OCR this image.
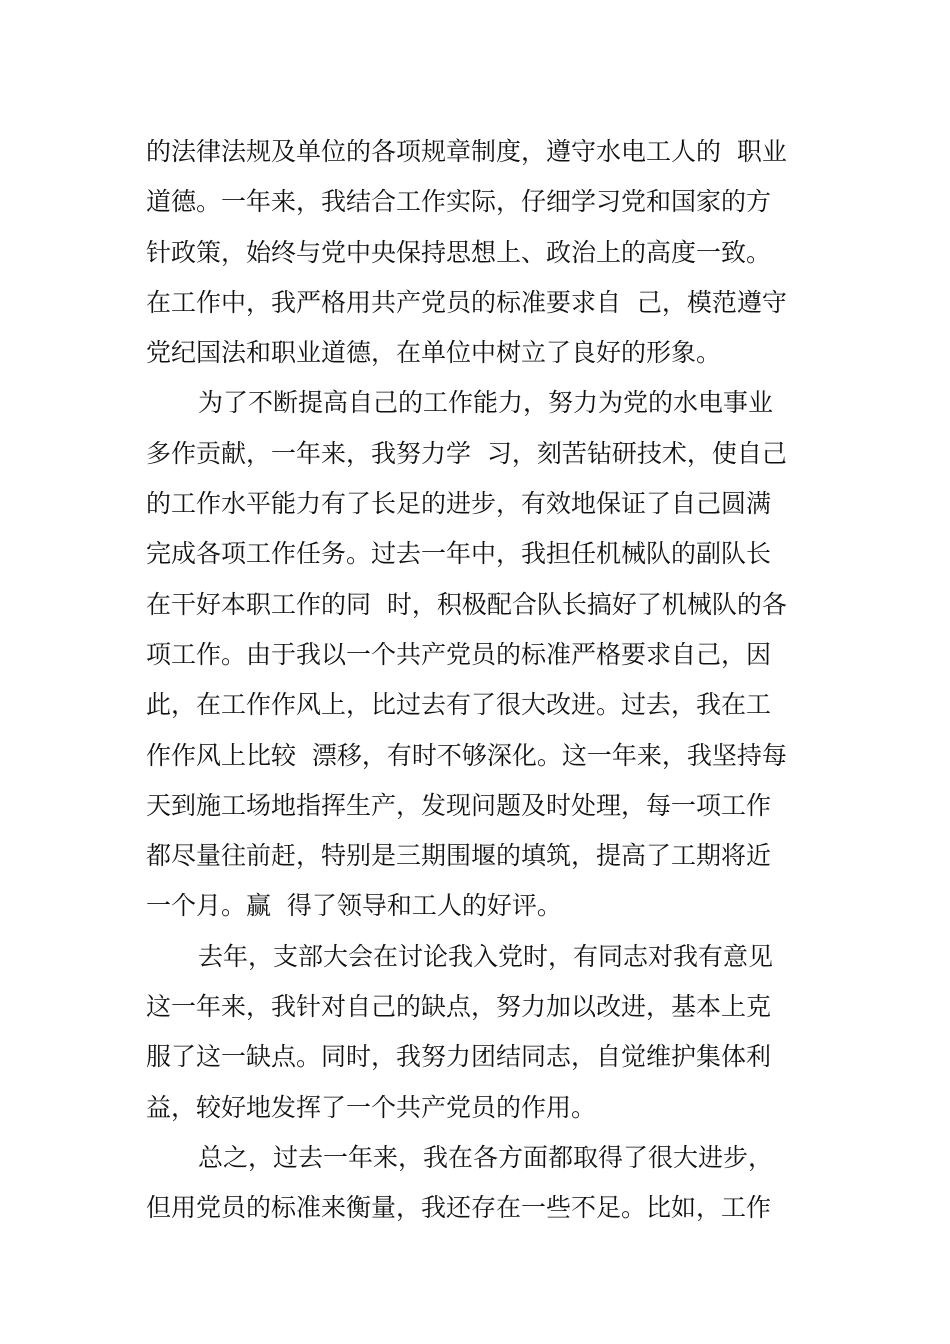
的法律法规及单位的各项规章制度，遵守水电工人的  职业
道德。一年来，我结合工作实际，仔细学习党和国家的方
针政策，始终与党中央保持思想上、政治上的高度一致。
在工作中，我严格用共产党员的标准要求自  己，模范遵守
党纪国法和职业道德，在单位中树立了良好的形象。
为了不断提高自己的工作能力，努力为党的水电事业
多作贡献，一年来，我努力学  习，刻苦钻研技术，使自己
的工作水平能力有了长足的进步，有效地保证了自己圆满
完成各项工作任务。过去一年中，我担任机械队的副队长
在干好本职工作的同  时，积极配合队长搞好了机械队的各
项工作。由于我以一个共产党员的标准严格要求自己，因
此，在工作作风上，比过去有了很大改进。过去，我在工
作作风上比较  漂移，有时不够深化。这一年来，我坚持每
天到施工场地指挥生产，发现问题及时处理，每一项工作
都尽量往前赶，特别是三期围堰的填筑，提高了工期将近
一个月。赢  得了领导和工人的好评。
去年，支部大会在讨论我入党时，有同志对我有意见
这一年来，我针对自己的缺点，努力加以改进，基本上克
服了这一缺点。同时，我努力团结同志，自觉维护集体利
益，较好地发挥了一个共产党员的作用。
总之，过去一年来，我在各方面都取得了很大进步，
但用党员的标准来衡量，我还存在一些不足。比如，工作
